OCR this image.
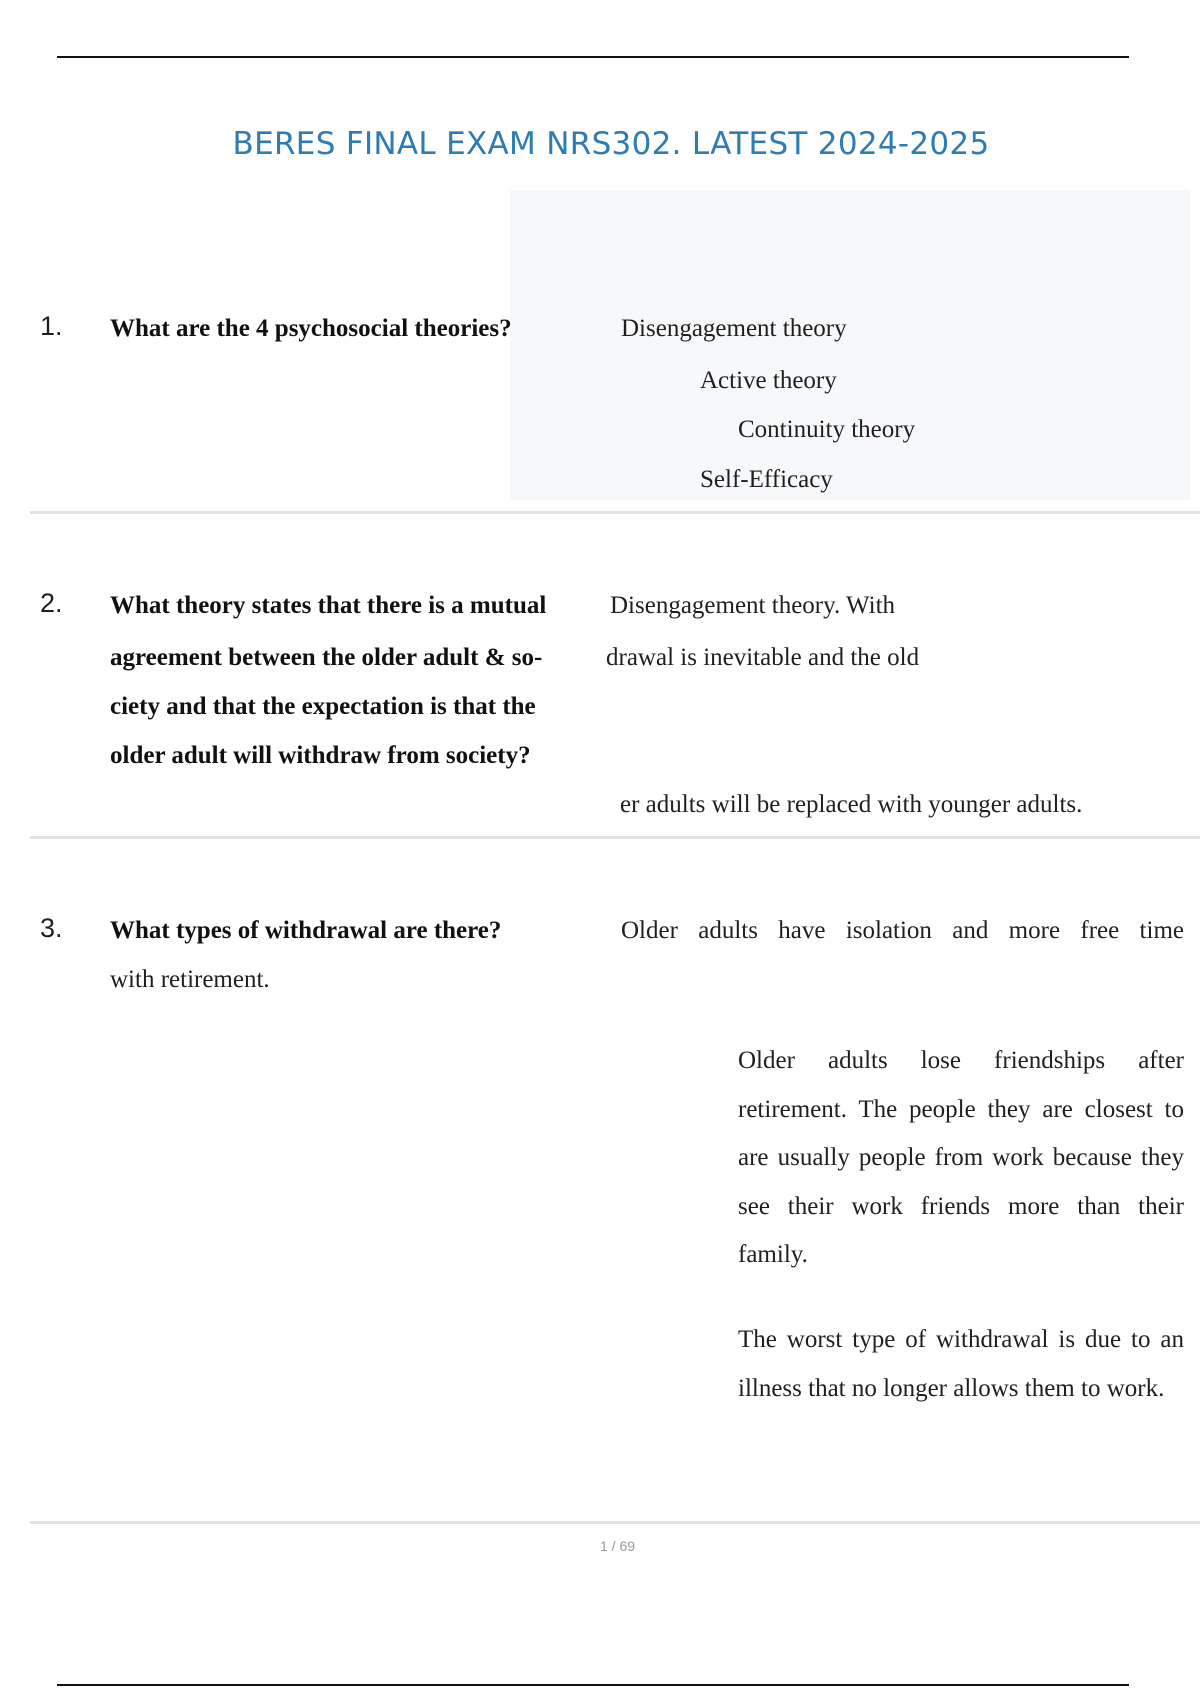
BERES FINAL EXAM NRS302. LATEST 2024-2025
1. What are the 4 psychosocial theories?	Disengagement theory
Active theory
Continuity theory
Self-Efficacy
2. What theory states that there is a mutual
agreement between the older adult & so-
ciety and that the expectation is that the
older adult will withdraw from society?
Disengagement theory. With
drawal is inevitable and the old
er adults will be replaced with younger adults.
3. What types of withdrawal are there?	Older adults have isolation and more free time
with retirement.
Older adults lose friendships after retirement. The people they are closest to are usually people from work because they see their work friends more than their family.
The worst type of withdrawal is due to an illness that no longer allows them to work.
1 / 69
